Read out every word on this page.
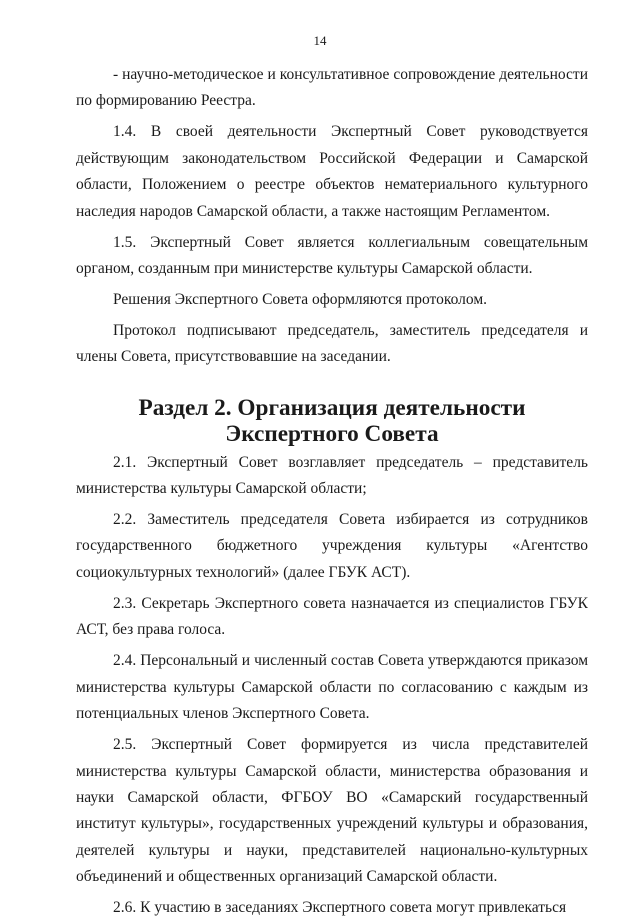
14

- научно-методическое и консультативное сопровождение деятельности по формированию Реестра.

1.4. В своей деятельности Экспертный Совет руководствуется действующим законодательством Российской Федерации и Самарской области, Положением о реестре объектов нематериального культурного наследия народов Самарской области, а также настоящим Регламентом.

1.5. Экспертный Совет является коллегиальным совещательным органом, созданным при министерстве культуры Самарской области.

Решения Экспертного Совета оформляются протоколом.

Протокол подписывают председатель, заместитель председателя и члены Совета, присутствовавшие на заседании.

Раздел 2. Организация деятельности Экспертного Совета

2.1. Экспертный Совет возглавляет председатель – представитель министерства культуры Самарской области;

2.2. Заместитель председателя Совета избирается из сотрудников государственного бюджетного учреждения культуры «Агентство социокультурных технологий» (далее ГБУК АСТ).

2.3. Секретарь Экспертного совета назначается из специалистов ГБУК АСТ, без права голоса.

2.4. Персональный и численный состав Совета утверждаются приказом министерства культуры Самарской области по согласованию с каждым из потенциальных членов Экспертного Совета.

2.5. Экспертный Совет формируется из числа представителей министерства культуры Самарской области, министерства образования и науки Самарской области, ФГБОУ ВО «Самарский государственный институт культуры», государственных учреждений культуры и образования, деятелей культуры и науки, представителей национально-культурных объединений и общественных организаций Самарской области.

2.6. К участию в заседаниях Экспертного совета могут привлекаться
